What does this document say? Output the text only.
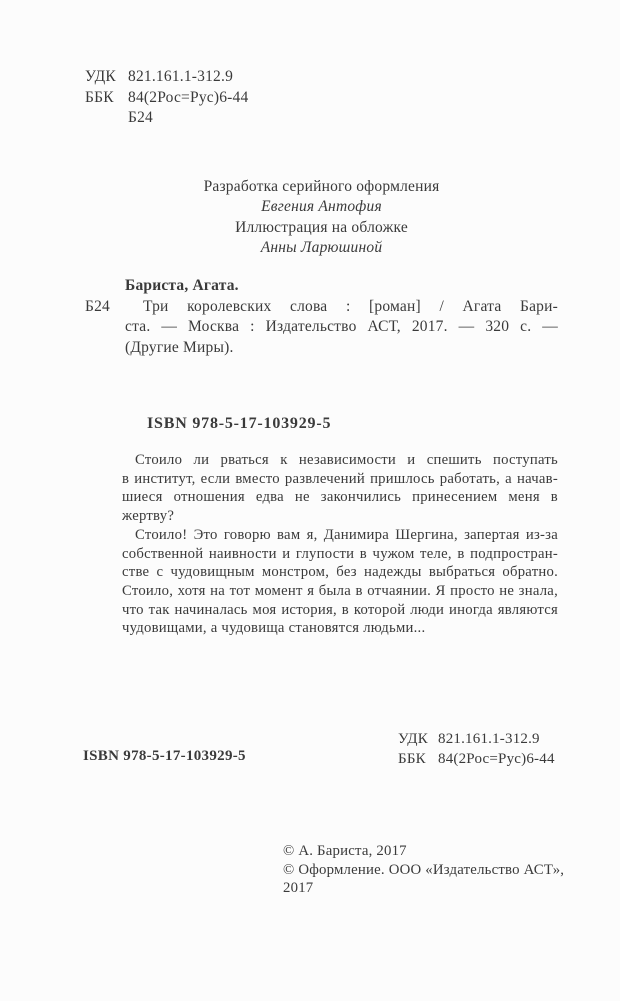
УДК 821.161.1-312.9
ББК 84(2Рос=Рус)6-44
Б24
Разработка серийного оформления
Евгения Антофия
Иллюстрация на обложке
Анны Ларюшиной
Бариста, Агата.
Б24	Три королевских слова : [роман] / Агата Бари-
ста. — Москва : Издательство АСТ, 2017. — 320 с. —
(Другие Миры).
ISBN 978-5-17-103929-5
Стоило ли рваться к независимости и спешить поступать
в институт, если вместо развлечений пришлось работать, а начав-
шиеся отношения едва не закончились принесением меня в жертву?
Стоило! Это говорю вам я, Данимира Шергина, запертая из-за
собственной наивности и глупости в чужом теле, в подпростран-
стве с чудовищным монстром, без надежды выбраться обратно.
Стоило, хотя на тот момент я была в отчаянии. Я просто не знала,
что так начиналась моя история, в которой люди иногда являются
чудовищами, а чудовища становятся людьми...
ISBN 978-5-17-103929-5
УДК 821.161.1-312.9
ББК 84(2Рос=Рус)6-44
© А. Бариста, 2017
© Оформление. ООО «Издательство АСТ»,
2017
